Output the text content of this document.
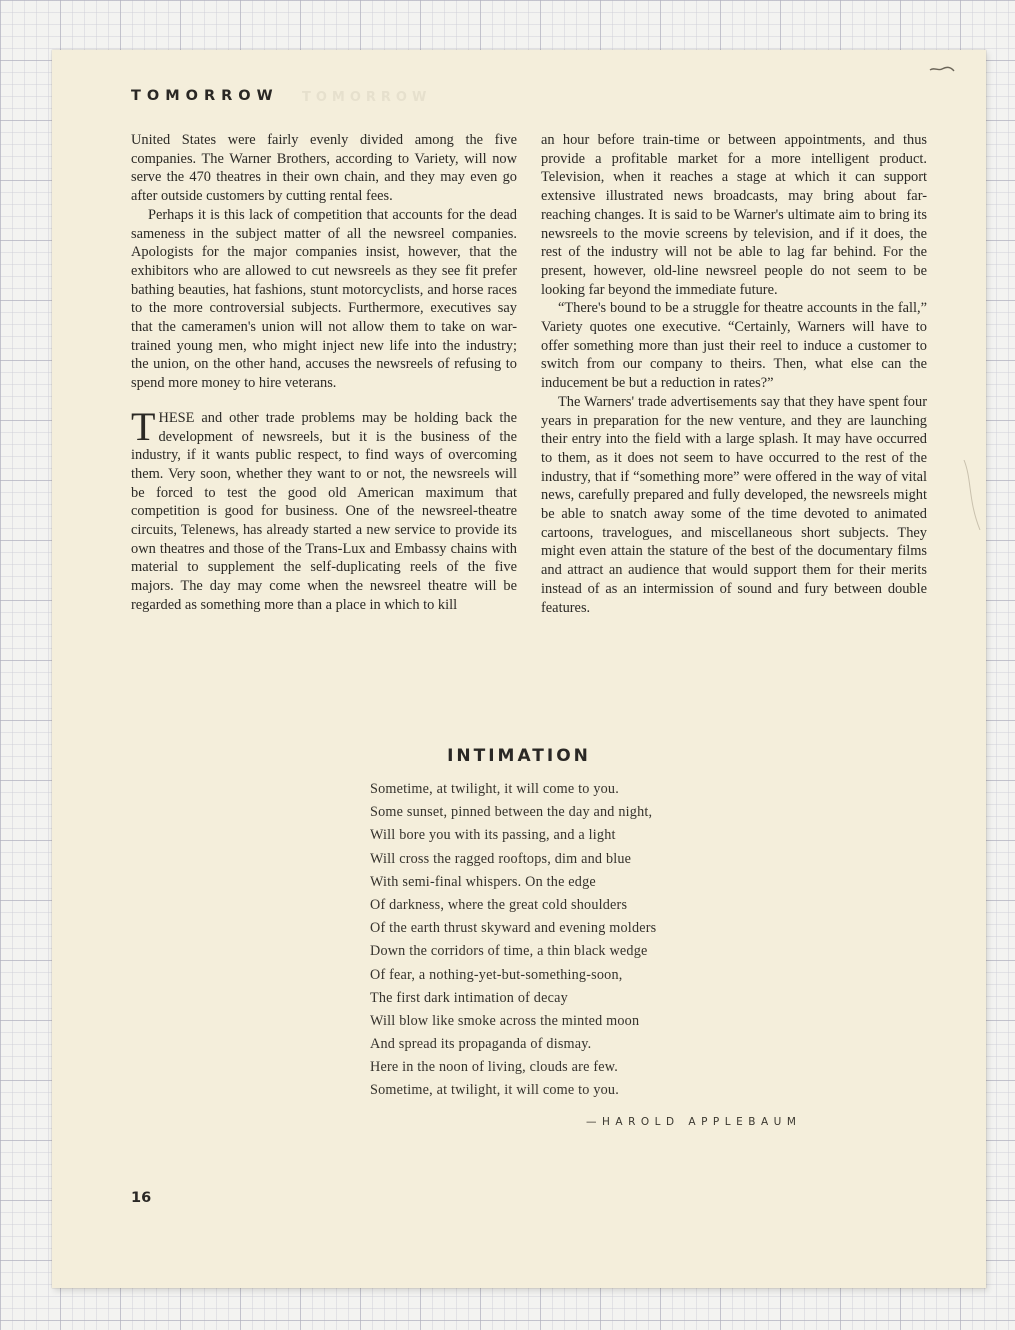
TOMORROW TOMORROW

United States were fairly evenly divided among the five companies. The Warner Brothers, according to Variety, will now serve the 470 theatres in their own chain, and they may even go after outside customers by cutting rental fees.

Perhaps it is this lack of competition that accounts for the dead sameness in the subject matter of all the newsreel companies. Apologists for the major companies insist, however, that the exhibitors who are allowed to cut newsreels as they see fit prefer bathing beauties, hat fashions, stunt motorcyclists, and horse races to the more controversial subjects. Furthermore, executives say that the cameramen's union will not allow them to take on war-trained young men, who might inject new life into the industry; the union, on the other hand, accuses the newsreels of refusing to spend more money to hire veterans.

THESE and other trade problems may be holding back the development of newsreels, but it is the business of the industry, if it wants public respect, to find ways of overcoming them. Very soon, whether they want to or not, the newsreels will be forced to test the good old American maximum that competition is good for business. One of the newsreel-theatre circuits, Telenews, has already started a new service to provide its own theatres and those of the Trans-Lux and Embassy chains with material to supplement the self-duplicating reels of the five majors. The day may come when the newsreel theatre will be regarded as something more than a place in which to kill

an hour before train-time or between appointments, and thus provide a profitable market for a more intelligent product. Television, when it reaches a stage at which it can support extensive illustrated news broadcasts, may bring about far-reaching changes. It is said to be Warner's ultimate aim to bring its newsreels to the movie screens by television, and if it does, the rest of the industry will not be able to lag far behind. For the present, however, old-line newsreel people do not seem to be looking far beyond the immediate future.

“There's bound to be a struggle for theatre accounts in the fall,” Variety quotes one executive. “Certainly, Warners will have to offer something more than just their reel to induce a customer to switch from our company to theirs. Then, what else can the inducement be but a reduction in rates?”

The Warners' trade advertisements say that they have spent four years in preparation for the new venture, and they are launching their entry into the field with a large splash. It may have occurred to them, as it does not seem to have occurred to the rest of the industry, that if “something more” were offered in the way of vital news, carefully prepared and fully developed, the newsreels might be able to snatch away some of the time devoted to animated cartoons, travelogues, and miscellaneous short subjects. They might even attain the stature of the best of the documentary films and attract an audience that would support them for their merits instead of as an intermission of sound and fury between double features.

INTIMATION
Sometime, at twilight, it will come to you.
Some sunset, pinned between the day and night,
Will bore you with its passing, and a light
Will cross the ragged rooftops, dim and blue
With semi-final whispers. On the edge
Of darkness, where the great cold shoulders
Of the earth thrust skyward and evening molders
Down the corridors of time, a thin black wedge
Of fear, a nothing-yet-but-something-soon,
The first dark intimation of decay
Will blow like smoke across the minted moon
And spread its propaganda of dismay.
Here in the noon of living, clouds are few.
Sometime, at twilight, it will come to you.
—HAROLD APPLEBAUM
16
